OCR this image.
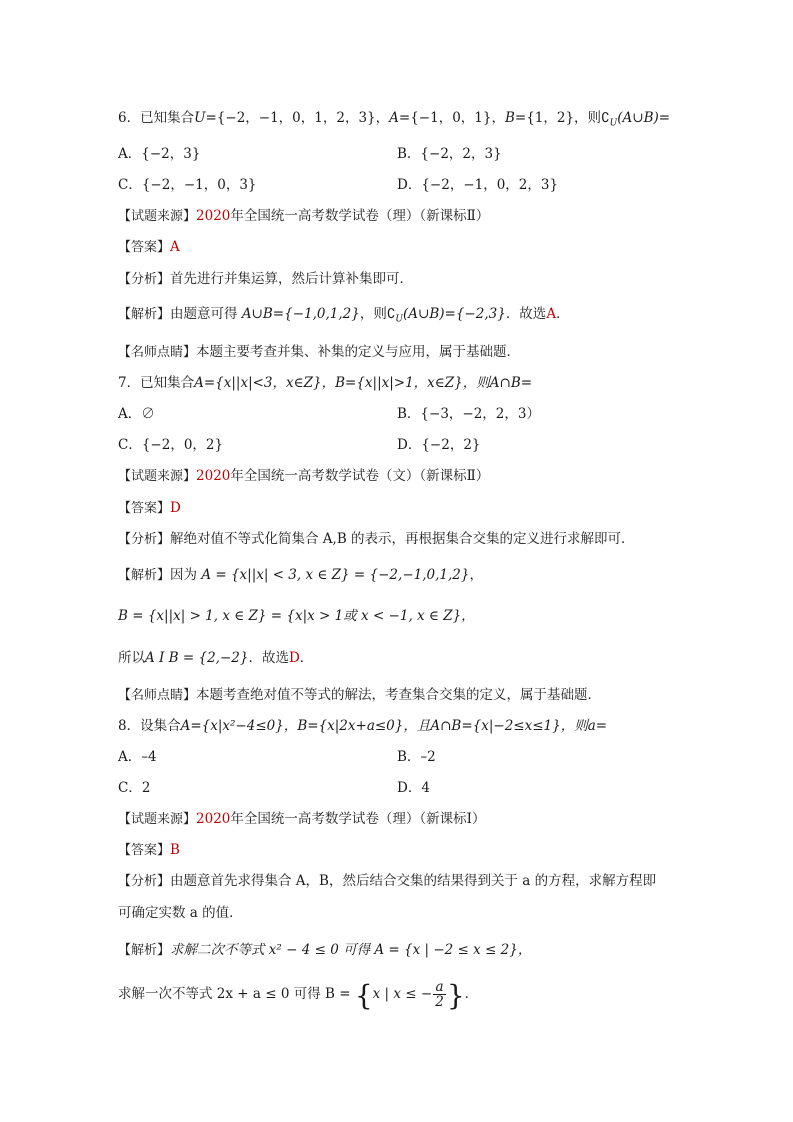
6．已知集合U={−2，−1，0，1，2，3}，A={−1，0，1}，B={1，2}，则$∁_U(A\cup B)=$
A．{−2，3}	B．{−2，2，3}
C．{−2，−1，0，3}	D．{−2，−1，0，2，3}
【试题来源】2020年全国统一高考数学试卷（理）（新课标Ⅱ）
【答案】A
【分析】首先进行并集运算，然后计算补集即可．
【解析】由题意可得 A∪B={−1,0,1,2}，则$∁_U(A\cup B)=\{-2,3\}$．故选A．
【名师点睛】本题主要考查并集、补集的定义与应用，属于基础题．
7．已知集合A={x||x|<3，x∈Z}，B={x||x|>1，x∈Z}，则A∩B=
A．∅	B．{−3，−2，2，3）
C．{−2，0，2}	D．{−2，2}
【试题来源】2020年全国统一高考数学试卷（文）（新课标Ⅱ）
【答案】D
【分析】解绝对值不等式化简集合 A,B 的表示，再根据集合交集的定义进行求解即可．
【解析】因为 A = {x||x| < 3, x ∈ Z} = {−2,−1,0,1,2}，
B = {x||x| > 1, x ∈ Z} = {x|x > 1或 x < −1, x ∈ Z}，
所以A I B = {2,−2}．故选D．
【名师点睛】本题考查绝对值不等式的解法，考查集合交集的定义，属于基础题．
8．设集合A={x|x²−4≤0}，B={x|2x+a≤0}，且A∩B={x|−2≤x≤1}，则a=
A．–4	B．–2
C．2	D．4
【试题来源】2020年全国统一高考数学试卷（理）（新课标Ⅰ）
【答案】B
【分析】由题意首先求得集合 A，B，然后结合交集的结果得到关于 a 的方程，求解方程即
可确定实数 a 的值．
【解析】求解二次不等式 x² − 4 ≤ 0 可得 A = {x | −2 ≤ x ≤ 2}，
求解一次不等式 2x + a ≤ 0 可得 B = {x | x ≤ − $\frac{a}{2}$ }．
